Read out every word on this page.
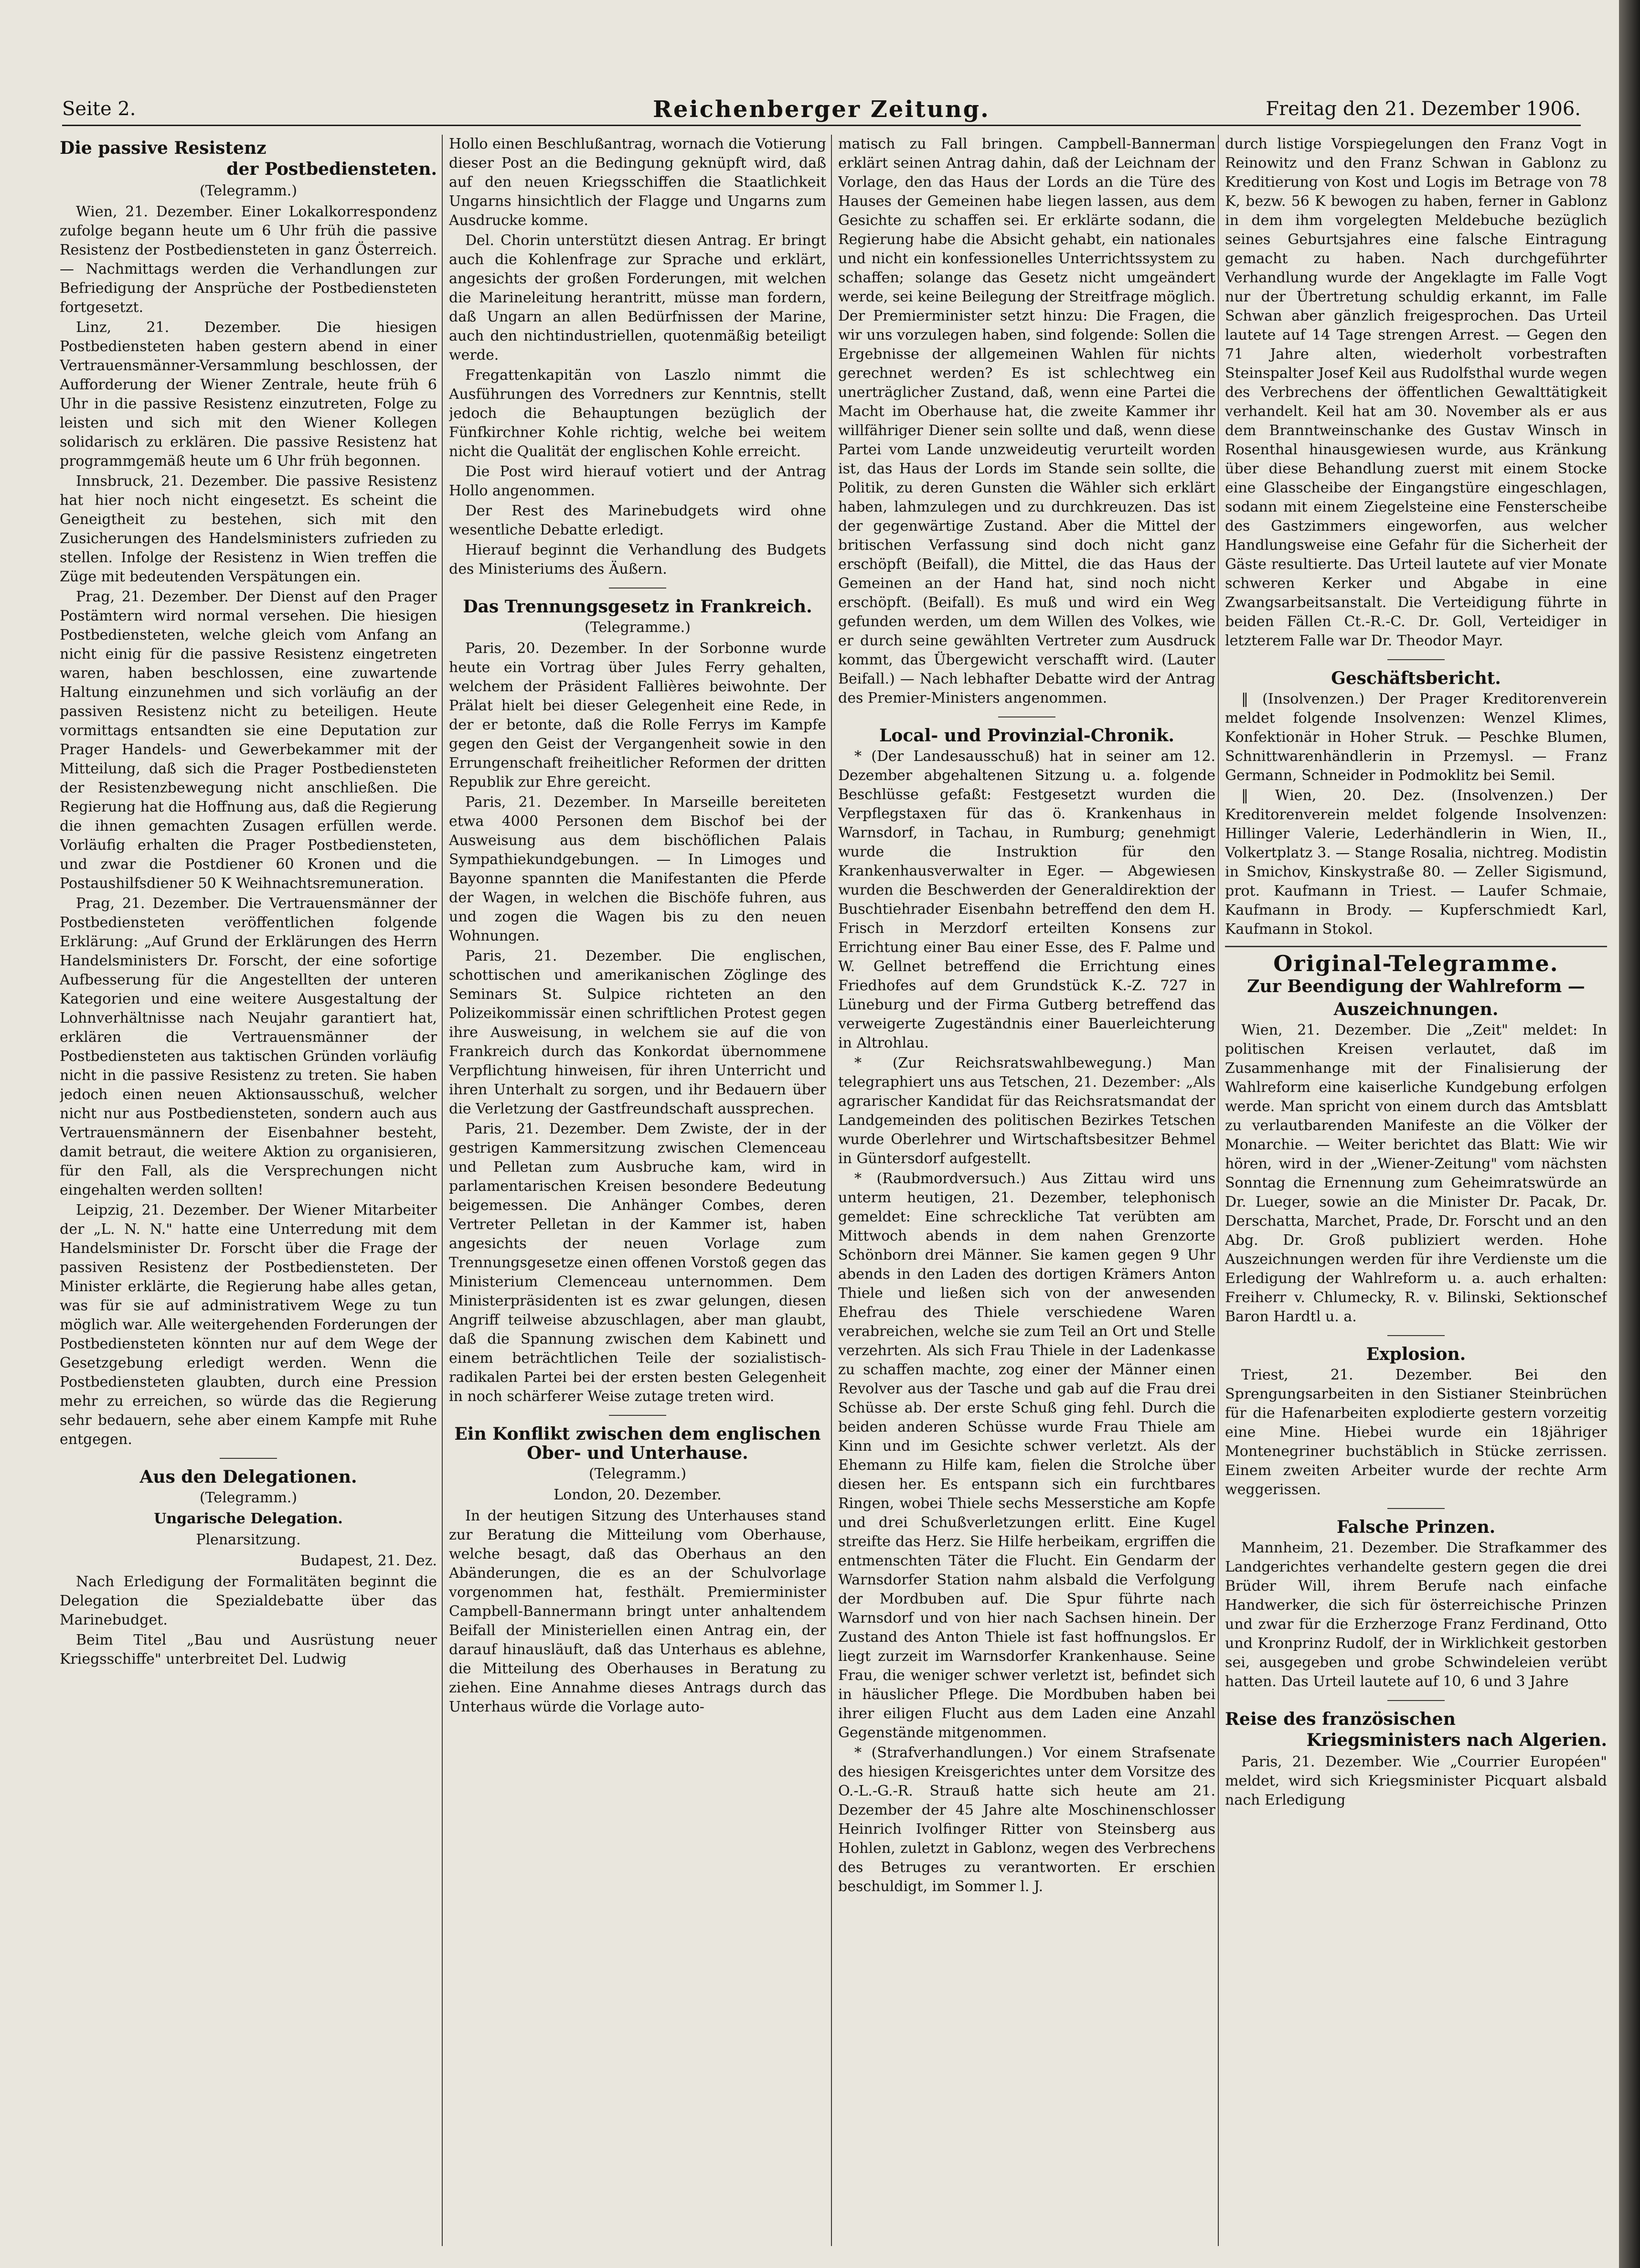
Seite 2.	Reichenberger Zeitung.	Freitag den 21. Dezember 1906.
Die passive Resistenz
der Postbediensteten.
(Telegramm.)

Wien, 21. Dezember. Einer Lokalkorrespondenz zufolge begann heute um 6 Uhr früh die passive Resistenz der Postbediensteten in ganz Österreich. — Nachmittags werden die Verhandlungen zur Befriedigung der Ansprüche der Postbediensteten fortgesetzt.

Linz, 21. Dezember. Die hiesigen Postbediensteten haben gestern abend in einer Vertrauensmänner-Versammlung beschlossen, der Aufforderung der Wiener Zentrale, heute früh 6 Uhr in die passive Resistenz einzutreten, Folge zu leisten und sich mit den Wiener Kollegen solidarisch zu erklären. Die passive Resistenz hat programmgemäß heute um 6 Uhr früh begonnen.

Innsbruck, 21. Dezember. Die passive Resistenz hat hier noch nicht eingesetzt. Es scheint die Geneigtheit zu bestehen, sich mit den Zusicherungen des Handelsministers zufrieden zu stellen. Infolge der Resistenz in Wien treffen die Züge mit bedeutenden Verspätungen ein.

Prag, 21. Dezember. Der Dienst auf den Prager Postämtern wird normal versehen. Die hiesigen Postbediensteten, welche gleich vom Anfang an nicht einig für die passive Resistenz eingetreten waren, haben beschlossen, eine zuwartende Haltung einzunehmen und sich vorläufig an der passiven Resistenz nicht zu beteiligen. Heute vormittags entsandten sie eine Deputation zur Prager Handels- und Gewerbekammer mit der Mitteilung, daß sich die Prager Postbediensteten der Resistenzbewegung nicht anschließen. Die Regierung hat die Hoffnung aus, daß die Regierung die ihnen gemachten Zusagen erfüllen werde. Vorläufig erhalten die Prager Postbediensteten, und zwar die Postdiener 60 Kronen und die Postaushilfsdiener 50 K Weihnachtsremuneration.

Prag, 21. Dezember. Die Vertrauensmänner der Postbediensteten veröffentlichen folgende Erklärung: „Auf Grund der Erklärungen des Herrn Handelsministers Dr. Forscht, der eine sofortige Aufbesserung für die Angestellten der unteren Kategorien und eine weitere Ausgestaltung der Lohnverhältnisse nach Neujahr garantiert hat, erklären die Vertrauensmänner der Postbediensteten aus taktischen Gründen vorläufig nicht in die passive Resistenz zu treten. Sie haben jedoch einen neuen Aktionsausschuß, welcher nicht nur aus Postbediensteten, sondern auch aus Vertrauensmännern der Eisenbahner besteht, damit betraut, die weitere Aktion zu organisieren, für den Fall, als die Versprechungen nicht eingehalten werden sollten!

Leipzig, 21. Dezember. Der Wiener Mitarbeiter der „L. N. N." hatte eine Unterredung mit dem Handelsminister Dr. Forscht über die Frage der passiven Resistenz der Postbediensteten. Der Minister erklärte, die Regierung habe alles getan, was für sie auf administrativem Wege zu tun möglich war. Alle weitergehenden Forderungen der Postbediensteten könnten nur auf dem Wege der Gesetzgebung erledigt werden. Wenn die Postbediensteten glaubten, durch eine Pression mehr zu erreichen, so würde das die Regierung sehr bedauern, sehe aber einem Kampfe mit Ruhe entgegen.

Aus den Delegationen.
(Telegramm.)
Ungarische Delegation.
Plenarsitzung.
Budapest, 21. Dez.

Nach Erledigung der Formalitäten beginnt die Delegation die Spezialdebatte über das Marinebudget.

Beim Titel „Bau und Ausrüstung neuer Kriegsschiffe" unterbreitet Del. Ludwig

Hollo einen Beschlußantrag, wornach die Votierung dieser Post an die Bedingung geknüpft wird, daß auf den neuen Kriegsschiffen die Staatlichkeit Ungarns hinsichtlich der Flagge und Ungarns zum Ausdrucke komme.

Del. Chorin unterstützt diesen Antrag. Er bringt auch die Kohlenfrage zur Sprache und erklärt, angesichts der großen Forderungen, mit welchen die Marineleitung herantritt, müsse man fordern, daß Ungarn an allen Bedürfnissen der Marine, auch den nichtindustriellen, quotenmäßig beteiligt werde.

Fregattenkapitän von Laszlo nimmt die Ausführungen des Vorredners zur Kenntnis, stellt jedoch die Behauptungen bezüglich der Fünfkirchner Kohle richtig, welche bei weitem nicht die Qualität der englischen Kohle erreicht.

Die Post wird hierauf votiert und der Antrag Hollo angenommen.

Der Rest des Marinebudgets wird ohne wesentliche Debatte erledigt.

Hierauf beginnt die Verhandlung des Budgets des Ministeriums des Äußern.

Das Trennungsgesetz in Frankreich.
(Telegramme.)

Paris, 20. Dezember. In der Sorbonne wurde heute ein Vortrag über Jules Ferry gehalten, welchem der Präsident Fallières beiwohnte. Der Prälat hielt bei dieser Gelegenheit eine Rede, in der er betonte, daß die Rolle Ferrys im Kampfe gegen den Geist der Vergangenheit sowie in den Errungenschaft freiheitlicher Reformen der dritten Republik zur Ehre gereicht.

Paris, 21. Dezember. In Marseille bereiteten etwa 4000 Personen dem Bischof bei der Ausweisung aus dem bischöflichen Palais Sympathiekundgebungen. — In Limoges und Bayonne spannten die Manifestanten die Pferde der Wagen, in welchen die Bischöfe fuhren, aus und zogen die Wagen bis zu den neuen Wohnungen.

Paris, 21. Dezember. Die englischen, schottischen und amerikanischen Zöglinge des Seminars St. Sulpice richteten an den Polizeikommissär einen schriftlichen Protest gegen ihre Ausweisung, in welchem sie auf die von Frankreich durch das Konkordat übernommene Verpflichtung hinweisen, für ihren Unterricht und ihren Unterhalt zu sorgen, und ihr Bedauern über die Verletzung der Gastfreundschaft aussprechen.

Paris, 21. Dezember. Dem Zwiste, der in der gestrigen Kammersitzung zwischen Clemenceau und Pelletan zum Ausbruche kam, wird in parlamentarischen Kreisen besondere Bedeutung beigemessen. Die Anhänger Combes, deren Vertreter Pelletan in der Kammer ist, haben angesichts der neuen Vorlage zum Trennungsgesetze einen offenen Vorstoß gegen das Ministerium Clemenceau unternommen. Dem Ministerpräsidenten ist es zwar gelungen, diesen Angriff teilweise abzuschlagen, aber man glaubt, daß die Spannung zwischen dem Kabinett und einem beträchtlichen Teile der sozialistisch-radikalen Partei bei der ersten besten Gelegenheit in noch schärferer Weise zutage treten wird.

Ein Konflikt zwischen dem englischen Ober- und Unterhause.
(Telegramm.)
London, 20. Dezember.

In der heutigen Sitzung des Unterhauses stand zur Beratung die Mitteilung vom Oberhause, welche besagt, daß das Oberhaus an den Abänderungen, die es an der Schulvorlage vorgenommen hat, festhält. Premierminister Campbell-Bannermann bringt unter anhaltendem Beifall der Ministeriellen einen Antrag ein, der darauf hinausläuft, daß das Unterhaus es ablehne, die Mitteilung des Oberhauses in Beratung zu ziehen. Eine Annahme dieses Antrags durch das Unterhaus würde die Vorlage auto-

matisch zu Fall bringen. Campbell-Bannerman erklärt seinen Antrag dahin, daß der Leichnam der Vorlage, den das Haus der Lords an die Türe des Hauses der Gemeinen habe liegen lassen, aus dem Gesichte zu schaffen sei. Er erklärte sodann, die Regierung habe die Absicht gehabt, ein nationales und nicht ein konfessionelles Unterrichtssystem zu schaffen; solange das Gesetz nicht umgeändert werde, sei keine Beilegung der Streitfrage möglich. Der Premierminister setzt hinzu: Die Fragen, die wir uns vorzulegen haben, sind folgende: Sollen die Ergebnisse der allgemeinen Wahlen für nichts gerechnet werden? Es ist schlechtweg ein unerträglicher Zustand, daß, wenn eine Partei die Macht im Oberhause hat, die zweite Kammer ihr willfähriger Diener sein sollte und daß, wenn diese Partei vom Lande unzweideutig verurteilt worden ist, das Haus der Lords im Stande sein sollte, die Politik, zu deren Gunsten die Wähler sich erklärt haben, lahmzulegen und zu durchkreuzen. Das ist der gegenwärtige Zustand. Aber die Mittel der britischen Verfassung sind doch nicht ganz erschöpft (Beifall), die Mittel, die das Haus der Gemeinen an der Hand hat, sind noch nicht erschöpft. (Beifall). Es muß und wird ein Weg gefunden werden, um dem Willen des Volkes, wie er durch seine gewählten Vertreter zum Ausdruck kommt, das Übergewicht verschafft wird. (Lauter Beifall.) — Nach lebhafter Debatte wird der Antrag des Premier-Ministers angenommen.

Local- und Provinzial-Chronik.

* (Der Landesausschuß) hat in seiner am 12. Dezember abgehaltenen Sitzung u. a. folgende Beschlüsse gefaßt: Festgesetzt wurden die Verpflegstaxen für das ö. Krankenhaus in Warnsdorf, in Tachau, in Rumburg; genehmigt wurde die Instruktion für den Krankenhausverwalter in Eger. — Abgewiesen wurden die Beschwerden der Generaldirektion der Buschtiehrader Eisenbahn betreffend den dem H. Frisch in Merzdorf erteilten Konsens zur Errichtung einer Bau einer Esse, des F. Palme und W. Gellnet betreffend die Errichtung eines Friedhofes auf dem Grundstück K.-Z. 727 in Lüneburg und der Firma Gutberg betreffend das verweigerte Zugeständnis einer Bauerleichterung in Altrohlau.

* (Zur Reichsratswahlbewegung.) Man telegraphiert uns aus Tetschen, 21. Dezember: „Als agrarischer Kandidat für das Reichsratsmandat der Landgemeinden des politischen Bezirkes Tetschen wurde Oberlehrer und Wirtschaftsbesitzer Behmel in Güntersdorf aufgestellt.

* (Raubmordversuch.) Aus Zittau wird uns unterm heutigen, 21. Dezember, telephonisch gemeldet: Eine schreckliche Tat verübten am Mittwoch abends in dem nahen Grenzorte Schönborn drei Männer. Sie kamen gegen 9 Uhr abends in den Laden des dortigen Krämers Anton Thiele und ließen sich von der anwesenden Ehefrau des Thiele verschiedene Waren verabreichen, welche sie zum Teil an Ort und Stelle verzehrten. Als sich Frau Thiele in der Ladenkasse zu schaffen machte, zog einer der Männer einen Revolver aus der Tasche und gab auf die Frau drei Schüsse ab. Der erste Schuß ging fehl. Durch die beiden anderen Schüsse wurde Frau Thiele am Kinn und im Gesichte schwer verletzt. Als der Ehemann zu Hilfe kam, fielen die Strolche über diesen her. Es entspann sich ein furchtbares Ringen, wobei Thiele sechs Messerstiche am Kopfe und drei Schußverletzungen erlitt. Eine Kugel streifte das Herz. Sie Hilfe herbeikam, ergriffen die entmenschten Täter die Flucht. Ein Gendarm der Warnsdorfer Station nahm alsbald die Verfolgung der Mordbuben auf. Die Spur führte nach Warnsdorf und von hier nach Sachsen hinein. Der Zustand des Anton Thiele ist fast hoffnungslos. Er liegt zurzeit im Warnsdorfer Krankenhause. Seine Frau, die weniger schwer verletzt ist, befindet sich in häuslicher Pflege. Die Mordbuben haben bei ihrer eiligen Flucht aus dem Laden eine Anzahl Gegenstände mitgenommen.

* (Strafverhandlungen.) Vor einem Strafsenate des hiesigen Kreisgerichtes unter dem Vorsitze des O.-L.-G.-R. Strauß hatte sich heute am 21. Dezember der 45 Jahre alte Moschinenschlosser Heinrich Ivolfinger Ritter von Steinsberg aus Hohlen, zuletzt in Gablonz, wegen des Verbrechens des Betruges zu verantworten. Er erschien beschuldigt, im Sommer l. J.

durch listige Vorspiegelungen den Franz Vogt in Reinowitz und den Franz Schwan in Gablonz zu Kreditierung von Kost und Logis im Betrage von 78 K, bezw. 56 K bewogen zu haben, ferner in Gablonz in dem ihm vorgelegten Meldebuche bezüglich seines Geburtsjahres eine falsche Eintragung gemacht zu haben. Nach durchgeführter Verhandlung wurde der Angeklagte im Falle Vogt nur der Übertretung schuldig erkannt, im Falle Schwan aber gänzlich freigesprochen. Das Urteil lautete auf 14 Tage strengen Arrest. — Gegen den 71 Jahre alten, wiederholt vorbestraften Steinspalter Josef Keil aus Rudolfsthal wurde wegen des Verbrechens der öffentlichen Gewalttätigkeit verhandelt. Keil hat am 30. November als er aus dem Branntweinschanke des Gustav Winsch in Rosenthal hinausgewiesen wurde, aus Kränkung über diese Behandlung zuerst mit einem Stocke eine Glasscheibe der Eingangstüre eingeschlagen, sodann mit einem Ziegelsteine eine Fensterscheibe des Gastzimmers eingeworfen, aus welcher Handlungsweise eine Gefahr für die Sicherheit der Gäste resultierte. Das Urteil lautete auf vier Monate schweren Kerker und Abgabe in eine Zwangsarbeitsanstalt. Die Verteidigung führte in beiden Fällen Ct.-R.-C. Dr. Goll, Verteidiger in letzterem Falle war Dr. Theodor Mayr.

Geschäftsbericht.

‖ (Insolvenzen.) Der Prager Kreditorenverein meldet folgende Insolvenzen: Wenzel Klimes, Konfektionär in Hoher Struk. — Peschke Blumen, Schnittwarenhändlerin in Przemysl. — Franz Germann, Schneider in Podmoklitz bei Semil.

‖ Wien, 20. Dez. (Insolvenzen.) Der Kreditorenverein meldet folgende Insolvenzen: Hillinger Valerie, Lederhändlerin in Wien, II., Volkertplatz 3. — Stange Rosalia, nichtreg. Modistin in Smichov, Kinskystraße 80. — Zeller Sigismund, prot. Kaufmann in Triest. — Laufer Schmaie, Kaufmann in Brody. — Kupferschmiedt Karl, Kaufmann in Stokol.

Original-Telegramme.
Zur Beendigung der Wahlreform —
Auszeichnungen.

Wien, 21. Dezember. Die „Zeit" meldet: In politischen Kreisen verlautet, daß im Zusammenhange mit der Finalisierung der Wahlreform eine kaiserliche Kundgebung erfolgen werde. Man spricht von einem durch das Amtsblatt zu verlautbarenden Manifeste an die Völker der Monarchie. — Weiter berichtet das Blatt: Wie wir hören, wird in der „Wiener-Zeitung" vom nächsten Sonntag die Ernennung zum Geheimratswürde an Dr. Lueger, sowie an die Minister Dr. Pacak, Dr. Derschatta, Marchet, Prade, Dr. Forscht und an den Abg. Dr. Groß publiziert werden. Hohe Auszeichnungen werden für ihre Verdienste um die Erledigung der Wahlreform u. a. auch erhalten: Freiherr v. Chlumecky, R. v. Bilinski, Sektionschef Baron Hardtl u. a.

Explosion.

Triest, 21. Dezember. Bei den Sprengungsarbeiten in den Sistianer Steinbrüchen für die Hafenarbeiten explodierte gestern vorzeitig eine Mine. Hiebei wurde ein 18jähriger Montenegriner buchstäblich in Stücke zerrissen. Einem zweiten Arbeiter wurde der rechte Arm weggerissen.

Falsche Prinzen.

Mannheim, 21. Dezember. Die Strafkammer des Landgerichtes verhandelte gestern gegen die drei Brüder Will, ihrem Berufe nach einfache Handwerker, die sich für österreichische Prinzen und zwar für die Erzherzoge Franz Ferdinand, Otto und Kronprinz Rudolf, der in Wirklichkeit gestorben sei, ausgegeben und grobe Schwindeleien verübt hatten. Das Urteil lautete auf 10, 6 und 3 Jahre

Reise des französischen
Kriegsministers nach Algerien.

Paris, 21. Dezember. Wie „Courrier Européen" meldet, wird sich Kriegsminister Picquart alsbald nach Erledigung
